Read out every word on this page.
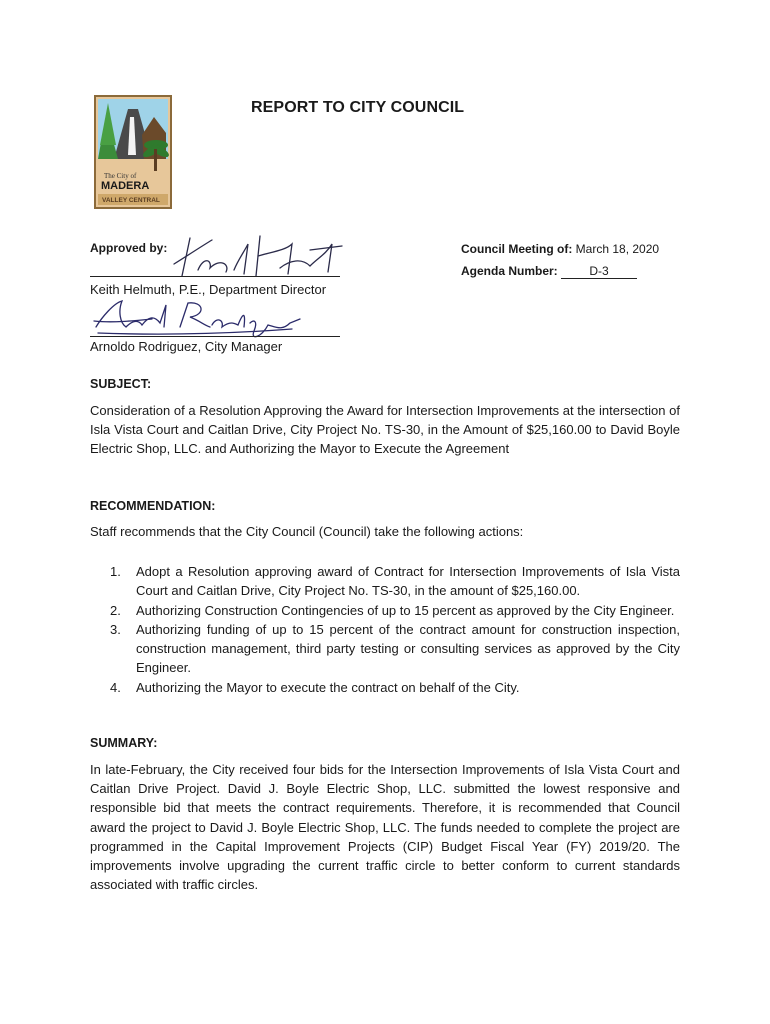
The City of
MADERA
VALLEY CENTRAL
REPORT TO CITY COUNCIL
Approved by:
Keith Helmuth, P.E., Department Director
Arnoldo Rodriguez, City Manager
Council Meeting of: March 18, 2020
Agenda Number:	D-3
SUBJECT:
Consideration of a Resolution Approving the Award for Intersection Improvements at the intersection of Isla Vista Court and Caitlan Drive, City Project No. TS-30, in the Amount of $25,160.00 to David Boyle Electric Shop, LLC. and Authorizing the Mayor to Execute the Agreement
RECOMMENDATION:
Staff recommends that the City Council (Council) take the following actions:
1. Adopt a Resolution approving award of Contract for Intersection Improvements of Isla Vista Court and Caitlan Drive, City Project No. TS-30, in the amount of $25,160.00.
2. Authorizing Construction Contingencies of up to 15 percent as approved by the City Engineer.
3. Authorizing funding of up to 15 percent of the contract amount for construction inspection, construction management, third party testing or consulting services as approved by the City Engineer.
4. Authorizing the Mayor to execute the contract on behalf of the City.
SUMMARY:
In late-February, the City received four bids for the Intersection Improvements of Isla Vista Court and Caitlan Drive Project. David J. Boyle Electric Shop, LLC. submitted the lowest responsive and responsible bid that meets the contract requirements. Therefore, it is recommended that Council award the project to David J. Boyle Electric Shop, LLC. The funds needed to complete the project are programmed in the Capital Improvement Projects (CIP) Budget Fiscal Year (FY) 2019/20. The improvements involve upgrading the current traffic circle to better conform to current standards associated with traffic circles.
